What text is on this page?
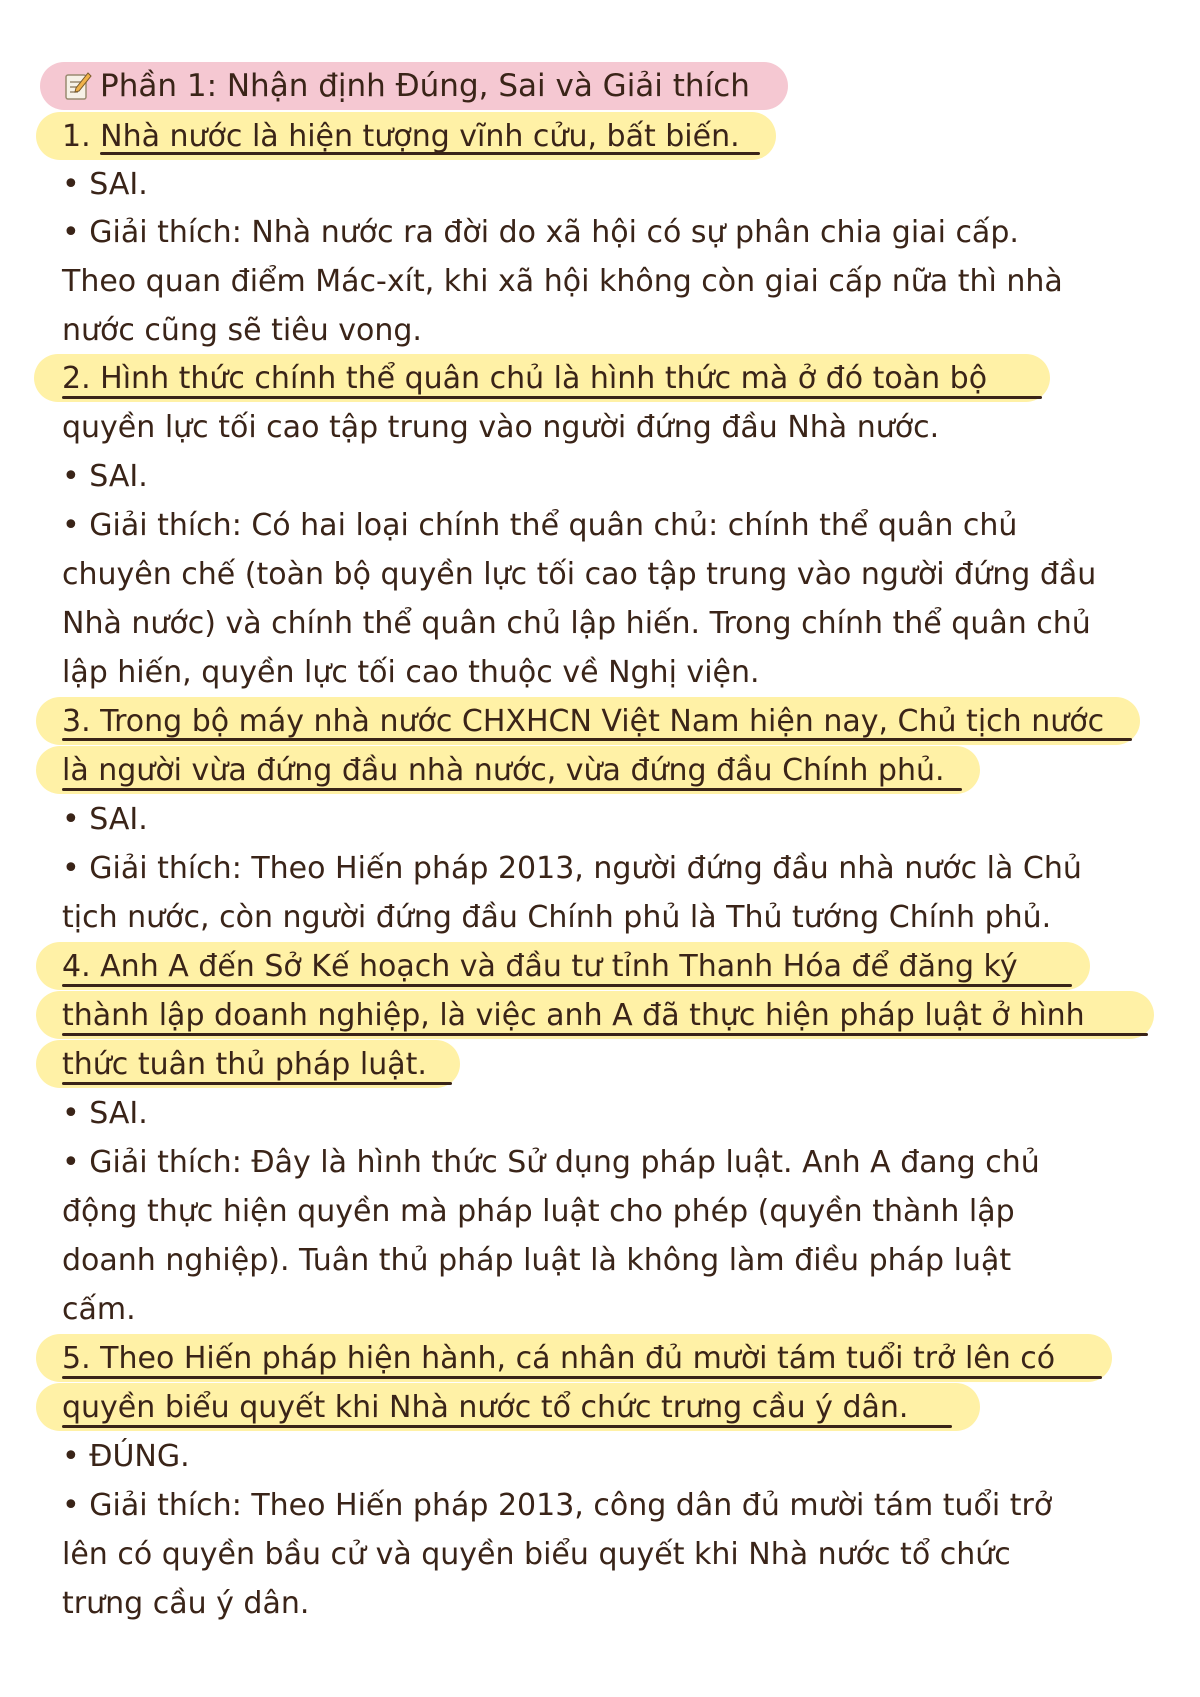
Phần 1: Nhận định Đúng, Sai và Giải thích
1. Nhà nước là hiện tượng vĩnh cửu, bất biến.
• SAI.
• Giải thích: Nhà nước ra đời do xã hội có sự phân chia giai cấp.
Theo quan điểm Mác-xít, khi xã hội không còn giai cấp nữa thì nhà
nước cũng sẽ tiêu vong.
2. Hình thức chính thể quân chủ là hình thức mà ở đó toàn bộ
quyền lực tối cao tập trung vào người đứng đầu Nhà nước.
• SAI.
• Giải thích: Có hai loại chính thể quân chủ: chính thể quân chủ
chuyên chế (toàn bộ quyền lực tối cao tập trung vào người đứng đầu
Nhà nước) và chính thể quân chủ lập hiến. Trong chính thể quân chủ
lập hiến, quyền lực tối cao thuộc về Nghị viện.
3. Trong bộ máy nhà nước CHXHCN Việt Nam hiện nay, Chủ tịch nước
là người vừa đứng đầu nhà nước, vừa đứng đầu Chính phủ.
• SAI.
• Giải thích: Theo Hiến pháp 2013, người đứng đầu nhà nước là Chủ
tịch nước, còn người đứng đầu Chính phủ là Thủ tướng Chính phủ.
4. Anh A đến Sở Kế hoạch và đầu tư tỉnh Thanh Hóa để đăng ký
thành lập doanh nghiệp, là việc anh A đã thực hiện pháp luật ở hình
thức tuân thủ pháp luật.
• SAI.
• Giải thích: Đây là hình thức Sử dụng pháp luật. Anh A đang chủ
động thực hiện quyền mà pháp luật cho phép (quyền thành lập
doanh nghiệp). Tuân thủ pháp luật là không làm điều pháp luật
cấm.
5. Theo Hiến pháp hiện hành, cá nhân đủ mười tám tuổi trở lên có
quyền biểu quyết khi Nhà nước tổ chức trưng cầu ý dân.
• ĐÚNG.
• Giải thích: Theo Hiến pháp 2013, công dân đủ mười tám tuổi trở
lên có quyền bầu cử và quyền biểu quyết khi Nhà nước tổ chức
trưng cầu ý dân.
